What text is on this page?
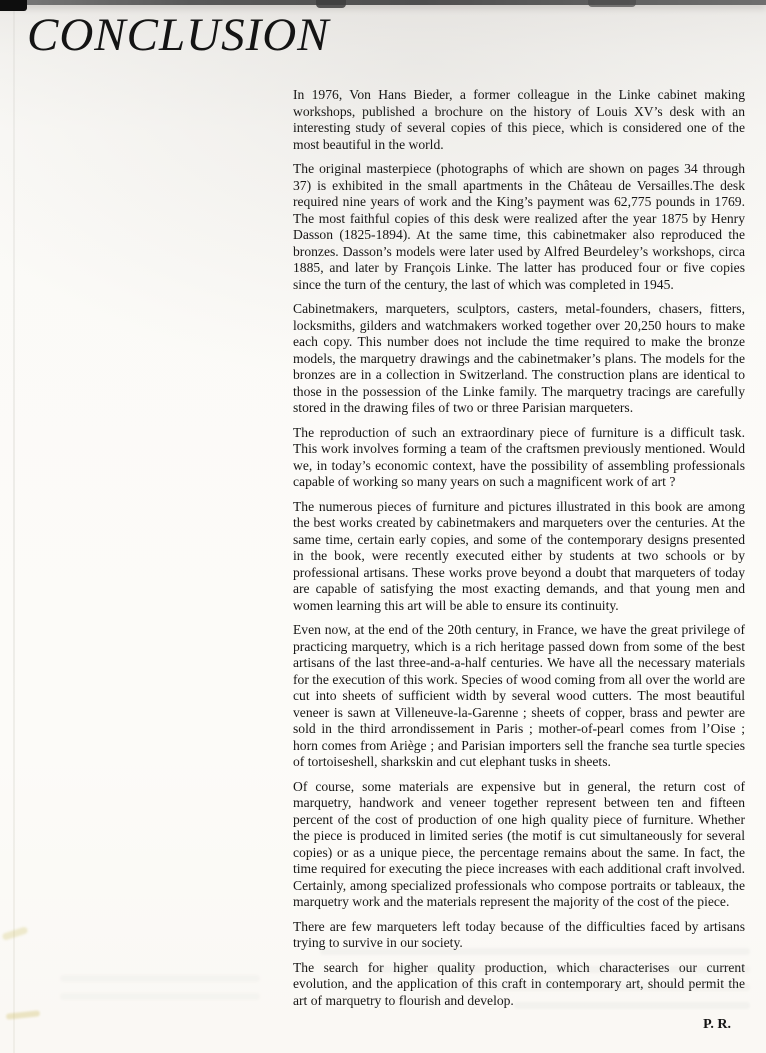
CONCLUSION

In 1976, Von Hans Bieder, a former colleague in the Linke cabinet making workshops, published a brochure on the history of Louis XV’s desk with an interesting study of several copies of this piece, which is considered one of the most beautiful in the world.

The original masterpiece (photographs of which are shown on pages 34 through 37) is exhibited in the small apartments in the Château de Versailles.The desk required nine years of work and the King’s payment was 62,775 pounds in 1769. The most faithful copies of this desk were realized after the year 1875 by Henry Dasson (1825-1894). At the same time, this cabinetmaker also reproduced the bronzes. Dasson’s models were later used by Alfred Beurdeley’s workshops, circa 1885, and later by François Linke. The latter has produced four or five copies since the turn of the century, the last of which was completed in 1945.

Cabinetmakers, marqueters, sculptors, casters, metal-founders, chasers, fitters, locksmiths, gilders and watchmakers worked together over 20,250 hours to make each copy. This number does not include the time required to make the bronze models, the marquetry drawings and the cabinetmaker’s plans. The models for the bronzes are in a collection in Switzerland. The construction plans are identical to those in the possession of the Linke family. The marquetry tracings are carefully stored in the drawing files of two or three Parisian marqueters.

The reproduction of such an extraordinary piece of furniture is a difficult task. This work involves forming a team of the craftsmen previously mentioned. Would we, in today’s economic context, have the possibility of assembling professionals capable of working so many years on such a magnificent work of art ?

The numerous pieces of furniture and pictures illustrated in this book are among the best works created by cabinetmakers and marqueters over the centuries. At the same time, certain early copies, and some of the contemporary designs presented in the book, were recently executed either by students at two schools or by professional artisans. These works prove beyond a doubt that marqueters of today are capable of satisfying the most exacting demands, and that young men and women learning this art will be able to ensure its continuity.

Even now, at the end of the 20th century, in France, we have the great privilege of practicing marquetry, which is a rich heritage passed down from some of the best artisans of the last three-and-a-half centuries. We have all the necessary materials for the execution of this work. Species of wood coming from all over the world are cut into sheets of sufficient width by several wood cutters. The most beautiful veneer is sawn at Villeneuve-la-Garenne ; sheets of copper, brass and pewter are sold in the third arrondissement in Paris ; mother-of-pearl comes from l’Oise ; horn comes from Ariège ; and Parisian importers sell the franche sea turtle species of tortoiseshell, sharkskin and cut elephant tusks in sheets.

Of course, some materials are expensive but in general, the return cost of marquetry, handwork and veneer together represent between ten and fifteen percent of the cost of production of one high quality piece of furniture. Whether the piece is produced in limited series (the motif is cut simultaneously for several copies) or as a unique piece, the percentage remains about the same. In fact, the time required for executing the piece increases with each additional craft involved. Certainly, among specialized professionals who compose portraits or tableaux, the marquetry work and the materials represent the majority of the cost of the piece.

There are few marqueters left today because of the difficulties faced by artisans trying to survive in our society.

The search for higher quality production, which characterises our current evolution, and the application of this craft in contemporary art, should permit the art of marquetry to flourish and develop.

P. R.
